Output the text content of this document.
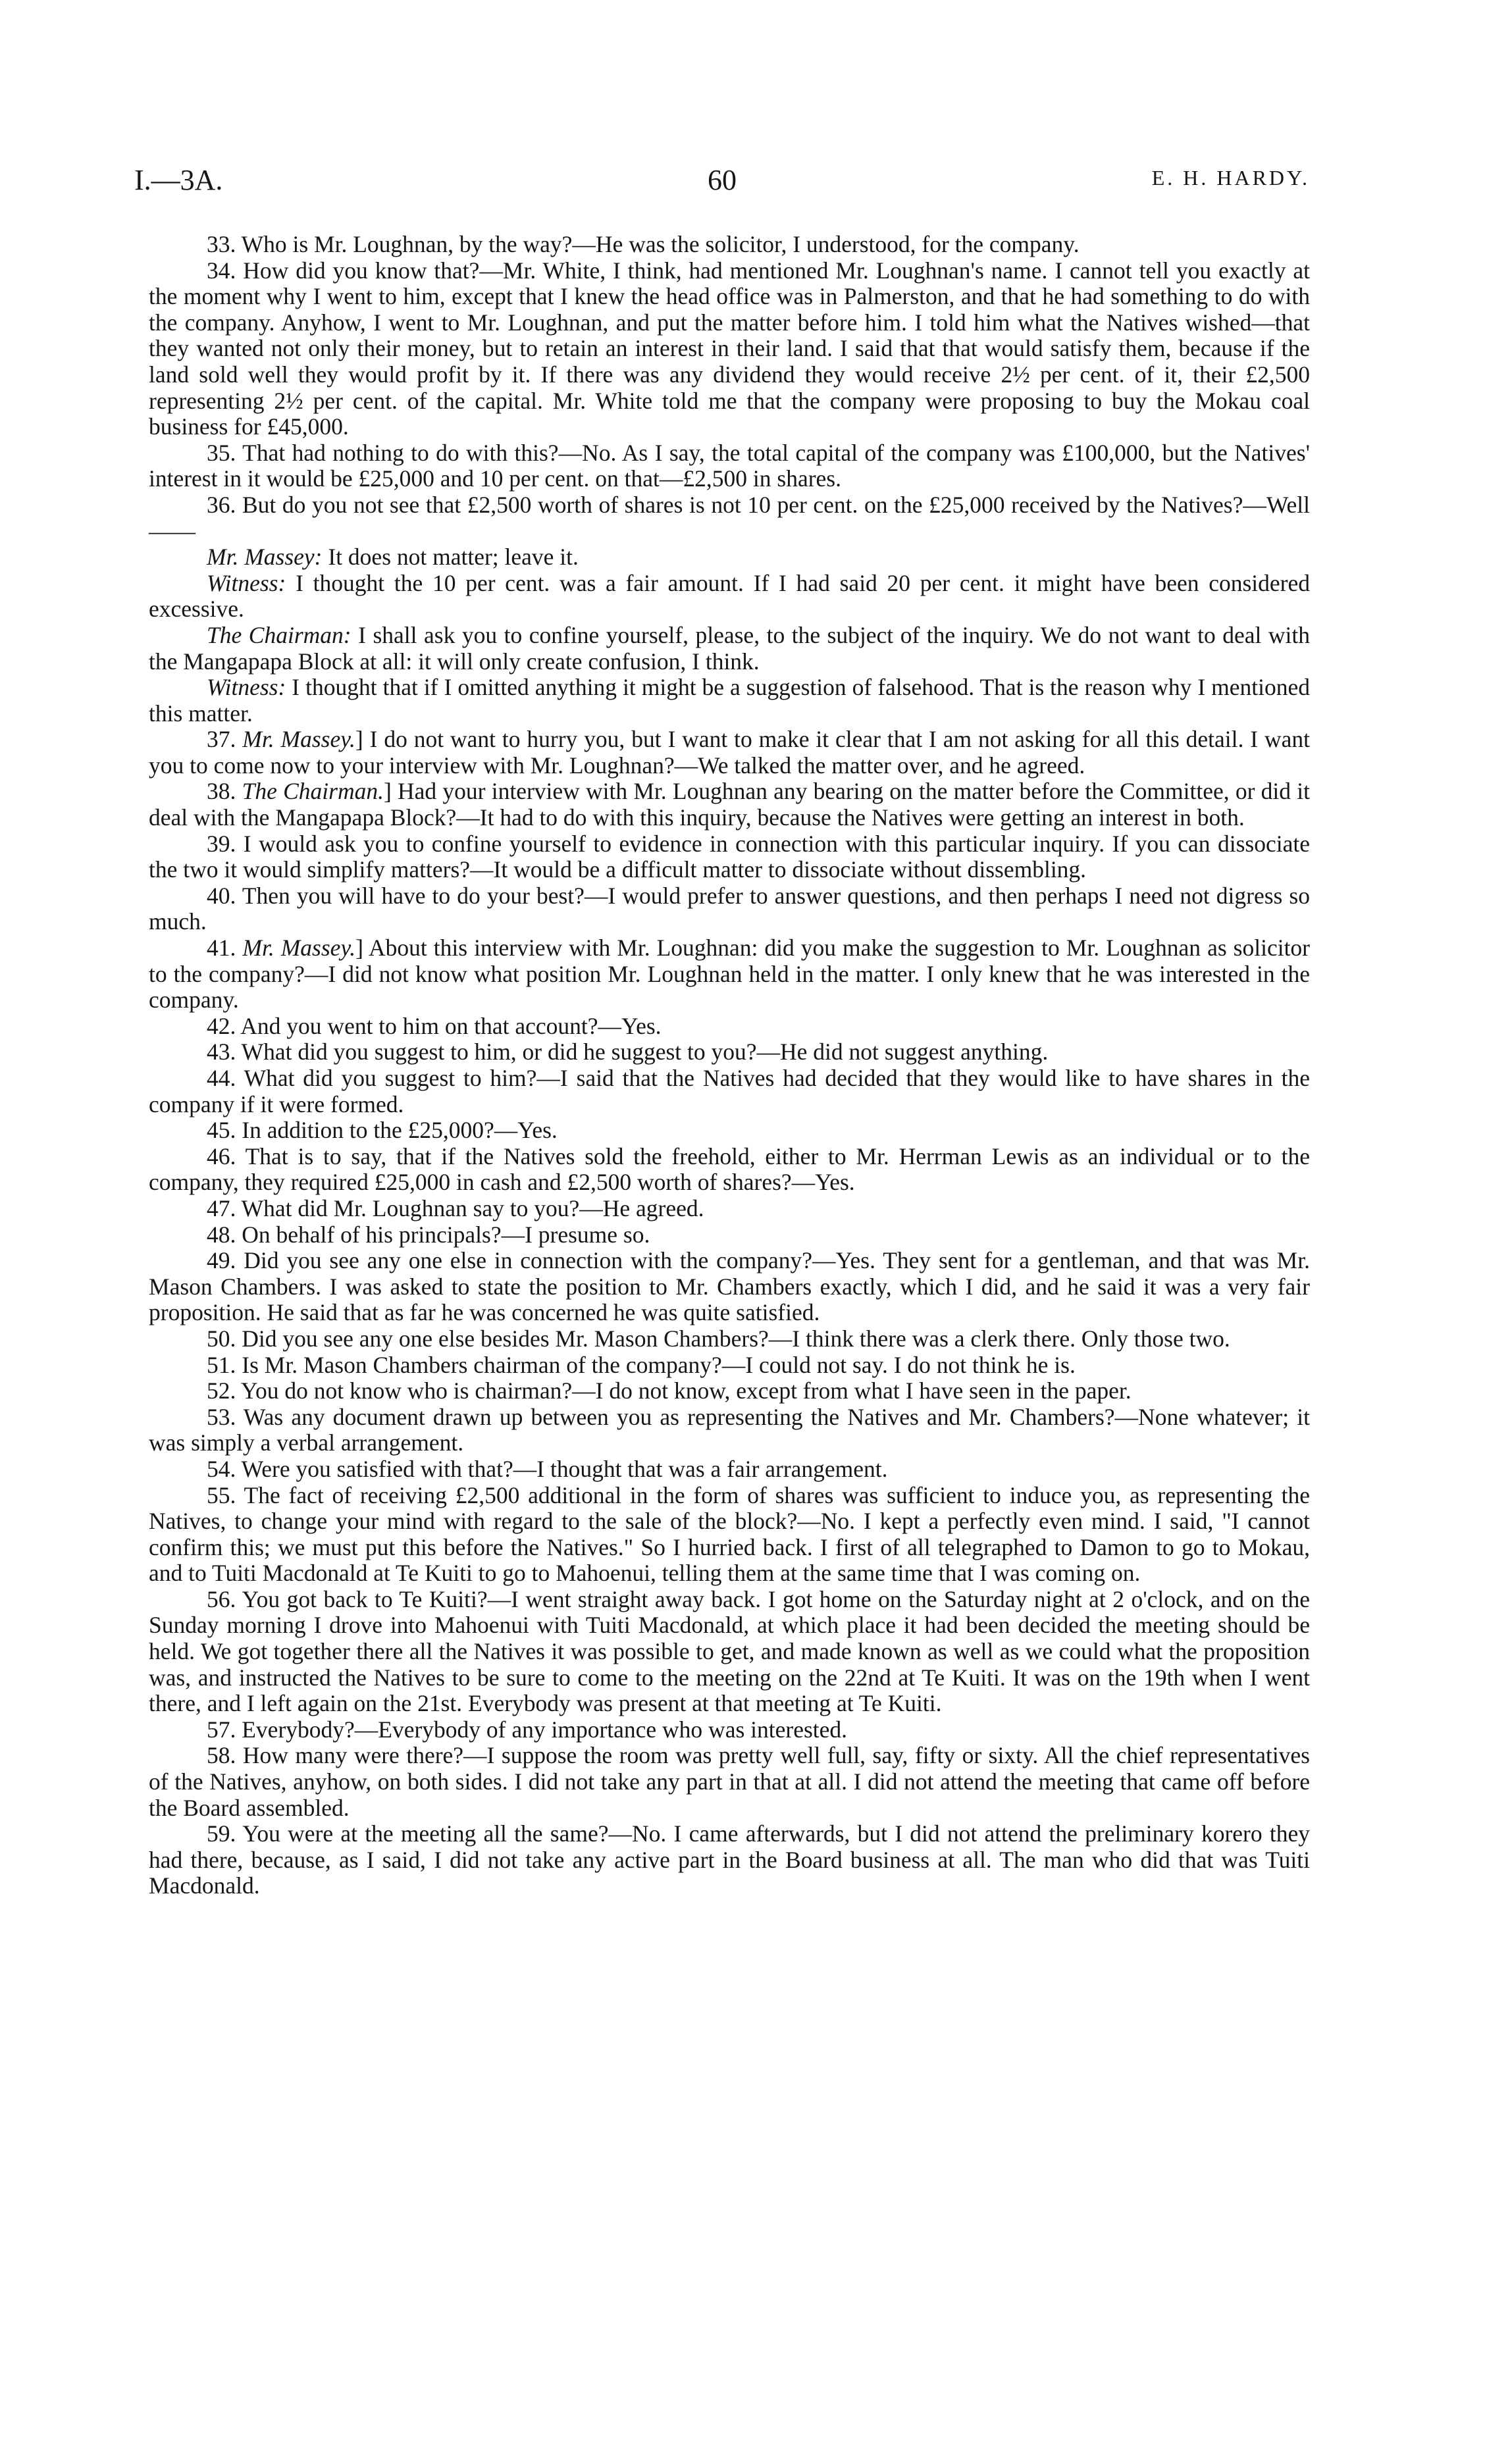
I.—3A.	60	E. H. HARDY.

33. Who is Mr. Loughnan, by the way?—He was the solicitor, I understood, for the company.

34. How did you know that?—Mr. White, I think, had mentioned Mr. Loughnan's name. I cannot tell you exactly at the moment why I went to him, except that I knew the head office was in Palmerston, and that he had something to do with the company. Anyhow, I went to Mr. Loughnan, and put the matter before him. I told him what the Natives wished—that they wanted not only their money, but to retain an interest in their land. I said that that would satisfy them, because if the land sold well they would profit by it. If there was any dividend they would receive 2½ per cent. of it, their £2,500 representing 2½ per cent. of the capital. Mr. White told me that the company were proposing to buy the Mokau coal business for £45,000.

35. That had nothing to do with this?—No. As I say, the total capital of the company was £100,000, but the Natives' interest in it would be £25,000 and 10 per cent. on that—£2,500 in shares.

36. But do you not see that £2,500 worth of shares is not 10 per cent. on the £25,000 received by the Natives?—Well——

Mr. Massey: It does not matter; leave it.

Witness: I thought the 10 per cent. was a fair amount. If I had said 20 per cent. it might have been considered excessive.

The Chairman: I shall ask you to confine yourself, please, to the subject of the inquiry. We do not want to deal with the Mangapapa Block at all: it will only create confusion, I think.

Witness: I thought that if I omitted anything it might be a suggestion of falsehood. That is the reason why I mentioned this matter.

37. Mr. Massey.] I do not want to hurry you, but I want to make it clear that I am not asking for all this detail. I want you to come now to your interview with Mr. Loughnan?—We talked the matter over, and he agreed.

38. The Chairman.] Had your interview with Mr. Loughnan any bearing on the matter before the Committee, or did it deal with the Mangapapa Block?—It had to do with this inquiry, because the Natives were getting an interest in both.

39. I would ask you to confine yourself to evidence in connection with this particular inquiry. If you can dissociate the two it would simplify matters?—It would be a difficult matter to dissociate without dissembling.

40. Then you will have to do your best?—I would prefer to answer questions, and then perhaps I need not digress so much.

41. Mr. Massey.] About this interview with Mr. Loughnan: did you make the suggestion to Mr. Loughnan as solicitor to the company?—I did not know what position Mr. Loughnan held in the matter. I only knew that he was interested in the company.

42. And you went to him on that account?—Yes.

43. What did you suggest to him, or did he suggest to you?—He did not suggest anything.

44. What did you suggest to him?—I said that the Natives had decided that they would like to have shares in the company if it were formed.

45. In addition to the £25,000?—Yes.

46. That is to say, that if the Natives sold the freehold, either to Mr. Herrman Lewis as an individual or to the company, they required £25,000 in cash and £2,500 worth of shares?—Yes.

47. What did Mr. Loughnan say to you?—He agreed.

48. On behalf of his principals?—I presume so.

49. Did you see any one else in connection with the company?—Yes. They sent for a gentleman, and that was Mr. Mason Chambers. I was asked to state the position to Mr. Chambers exactly, which I did, and he said it was a very fair proposition. He said that as far he was concerned he was quite satisfied.

50. Did you see any one else besides Mr. Mason Chambers?—I think there was a clerk there. Only those two.

51. Is Mr. Mason Chambers chairman of the company?—I could not say. I do not think he is.

52. You do not know who is chairman?—I do not know, except from what I have seen in the paper.

53. Was any document drawn up between you as representing the Natives and Mr. Chambers?—None whatever; it was simply a verbal arrangement.

54. Were you satisfied with that?—I thought that was a fair arrangement.

55. The fact of receiving £2,500 additional in the form of shares was sufficient to induce you, as representing the Natives, to change your mind with regard to the sale of the block?—No. I kept a perfectly even mind. I said, "I cannot confirm this; we must put this before the Natives." So I hurried back. I first of all telegraphed to Damon to go to Mokau, and to Tuiti Macdonald at Te Kuiti to go to Mahoenui, telling them at the same time that I was coming on.

56. You got back to Te Kuiti?—I went straight away back. I got home on the Saturday night at 2 o'clock, and on the Sunday morning I drove into Mahoenui with Tuiti Macdonald, at which place it had been decided the meeting should be held. We got together there all the Natives it was possible to get, and made known as well as we could what the proposition was, and instructed the Natives to be sure to come to the meeting on the 22nd at Te Kuiti. It was on the 19th when I went there, and I left again on the 21st. Everybody was present at that meeting at Te Kuiti.

57. Everybody?—Everybody of any importance who was interested.

58. How many were there?—I suppose the room was pretty well full, say, fifty or sixty. All the chief representatives of the Natives, anyhow, on both sides. I did not take any part in that at all. I did not attend the meeting that came off before the Board assembled.

59. You were at the meeting all the same?—No. I came afterwards, but I did not attend the preliminary korero they had there, because, as I said, I did not take any active part in the Board business at all. The man who did that was Tuiti Macdonald.
